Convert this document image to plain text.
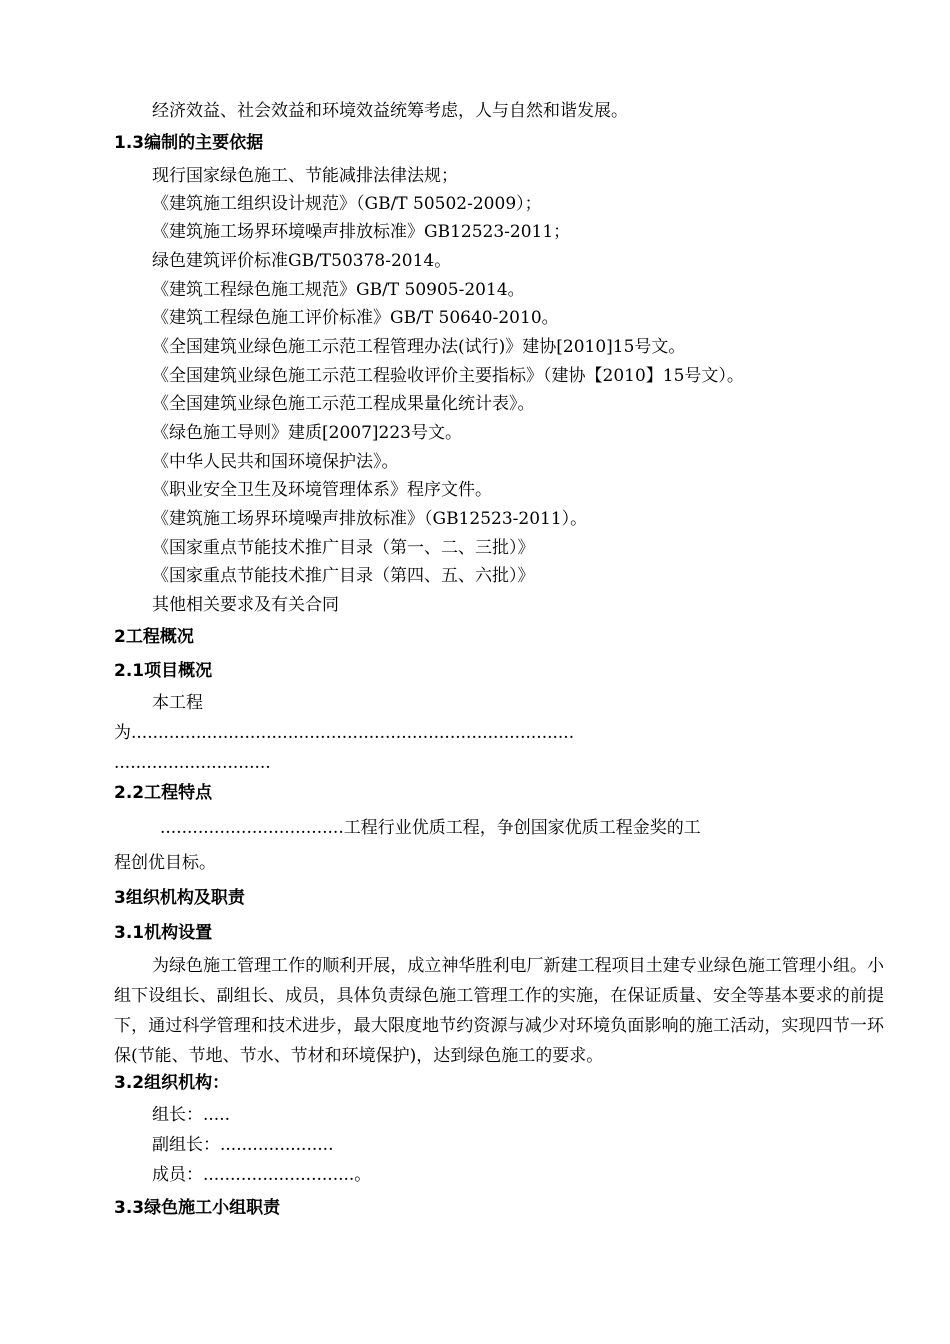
经济效益、社会效益和环境效益统筹考虑，人与自然和谐发展。
1.3编制的主要依据
现行国家绿色施工、节能减排法律法规；
《建筑施工组织设计规范》（GB/T 50502-2009）；
《建筑施工场界环境噪声排放标准》GB12523-2011；
绿色建筑评价标准GB/T50378-2014。
《建筑工程绿色施工规范》GB/T 50905-2014。
《建筑工程绿色施工评价标准》GB/T 50640-2010。
《全国建筑业绿色施工示范工程管理办法(试行)》建协[2010]15号文。
《全国建筑业绿色施工示范工程验收评价主要指标》（建协【2010】15号文）。
《全国建筑业绿色施工示范工程成果量化统计表》。
《绿色施工导则》建质[2007]223号文。
《中华人民共和国环境保护法》。
《职业安全卫生及环境管理体系》程序文件。
《建筑施工场界环境噪声排放标准》（GB12523-2011）。
《国家重点节能技术推广目录（第一、二、三批）》
《国家重点节能技术推广目录（第四、五、六批）》
其他相关要求及有关合同
2工程概况
2.1项目概况
本工程
为..................................................................................
.............................
2.2工程特点
..................................工程行业优质工程，争创国家优质工程金奖的工
程创优目标。
3组织机构及职责
3.1机构设置
为绿色施工管理工作的顺利开展，成立神华胜利电厂新建工程项目土建专业绿色施工管理小组。小组下设组长、副组长、成员，具体负责绿色施工管理工作的实施，在保证质量、安全等基本要求的前提下，通过科学管理和技术进步，最大限度地节约资源与减少对环境负面影响的施工活动，实现四节一环保(节能、节地、节水、节材和环境保护)，达到绿色施工的要求。
3.2组织机构：
组长：.....
副组长：.....................
成员：............................。
3.3绿色施工小组职责
